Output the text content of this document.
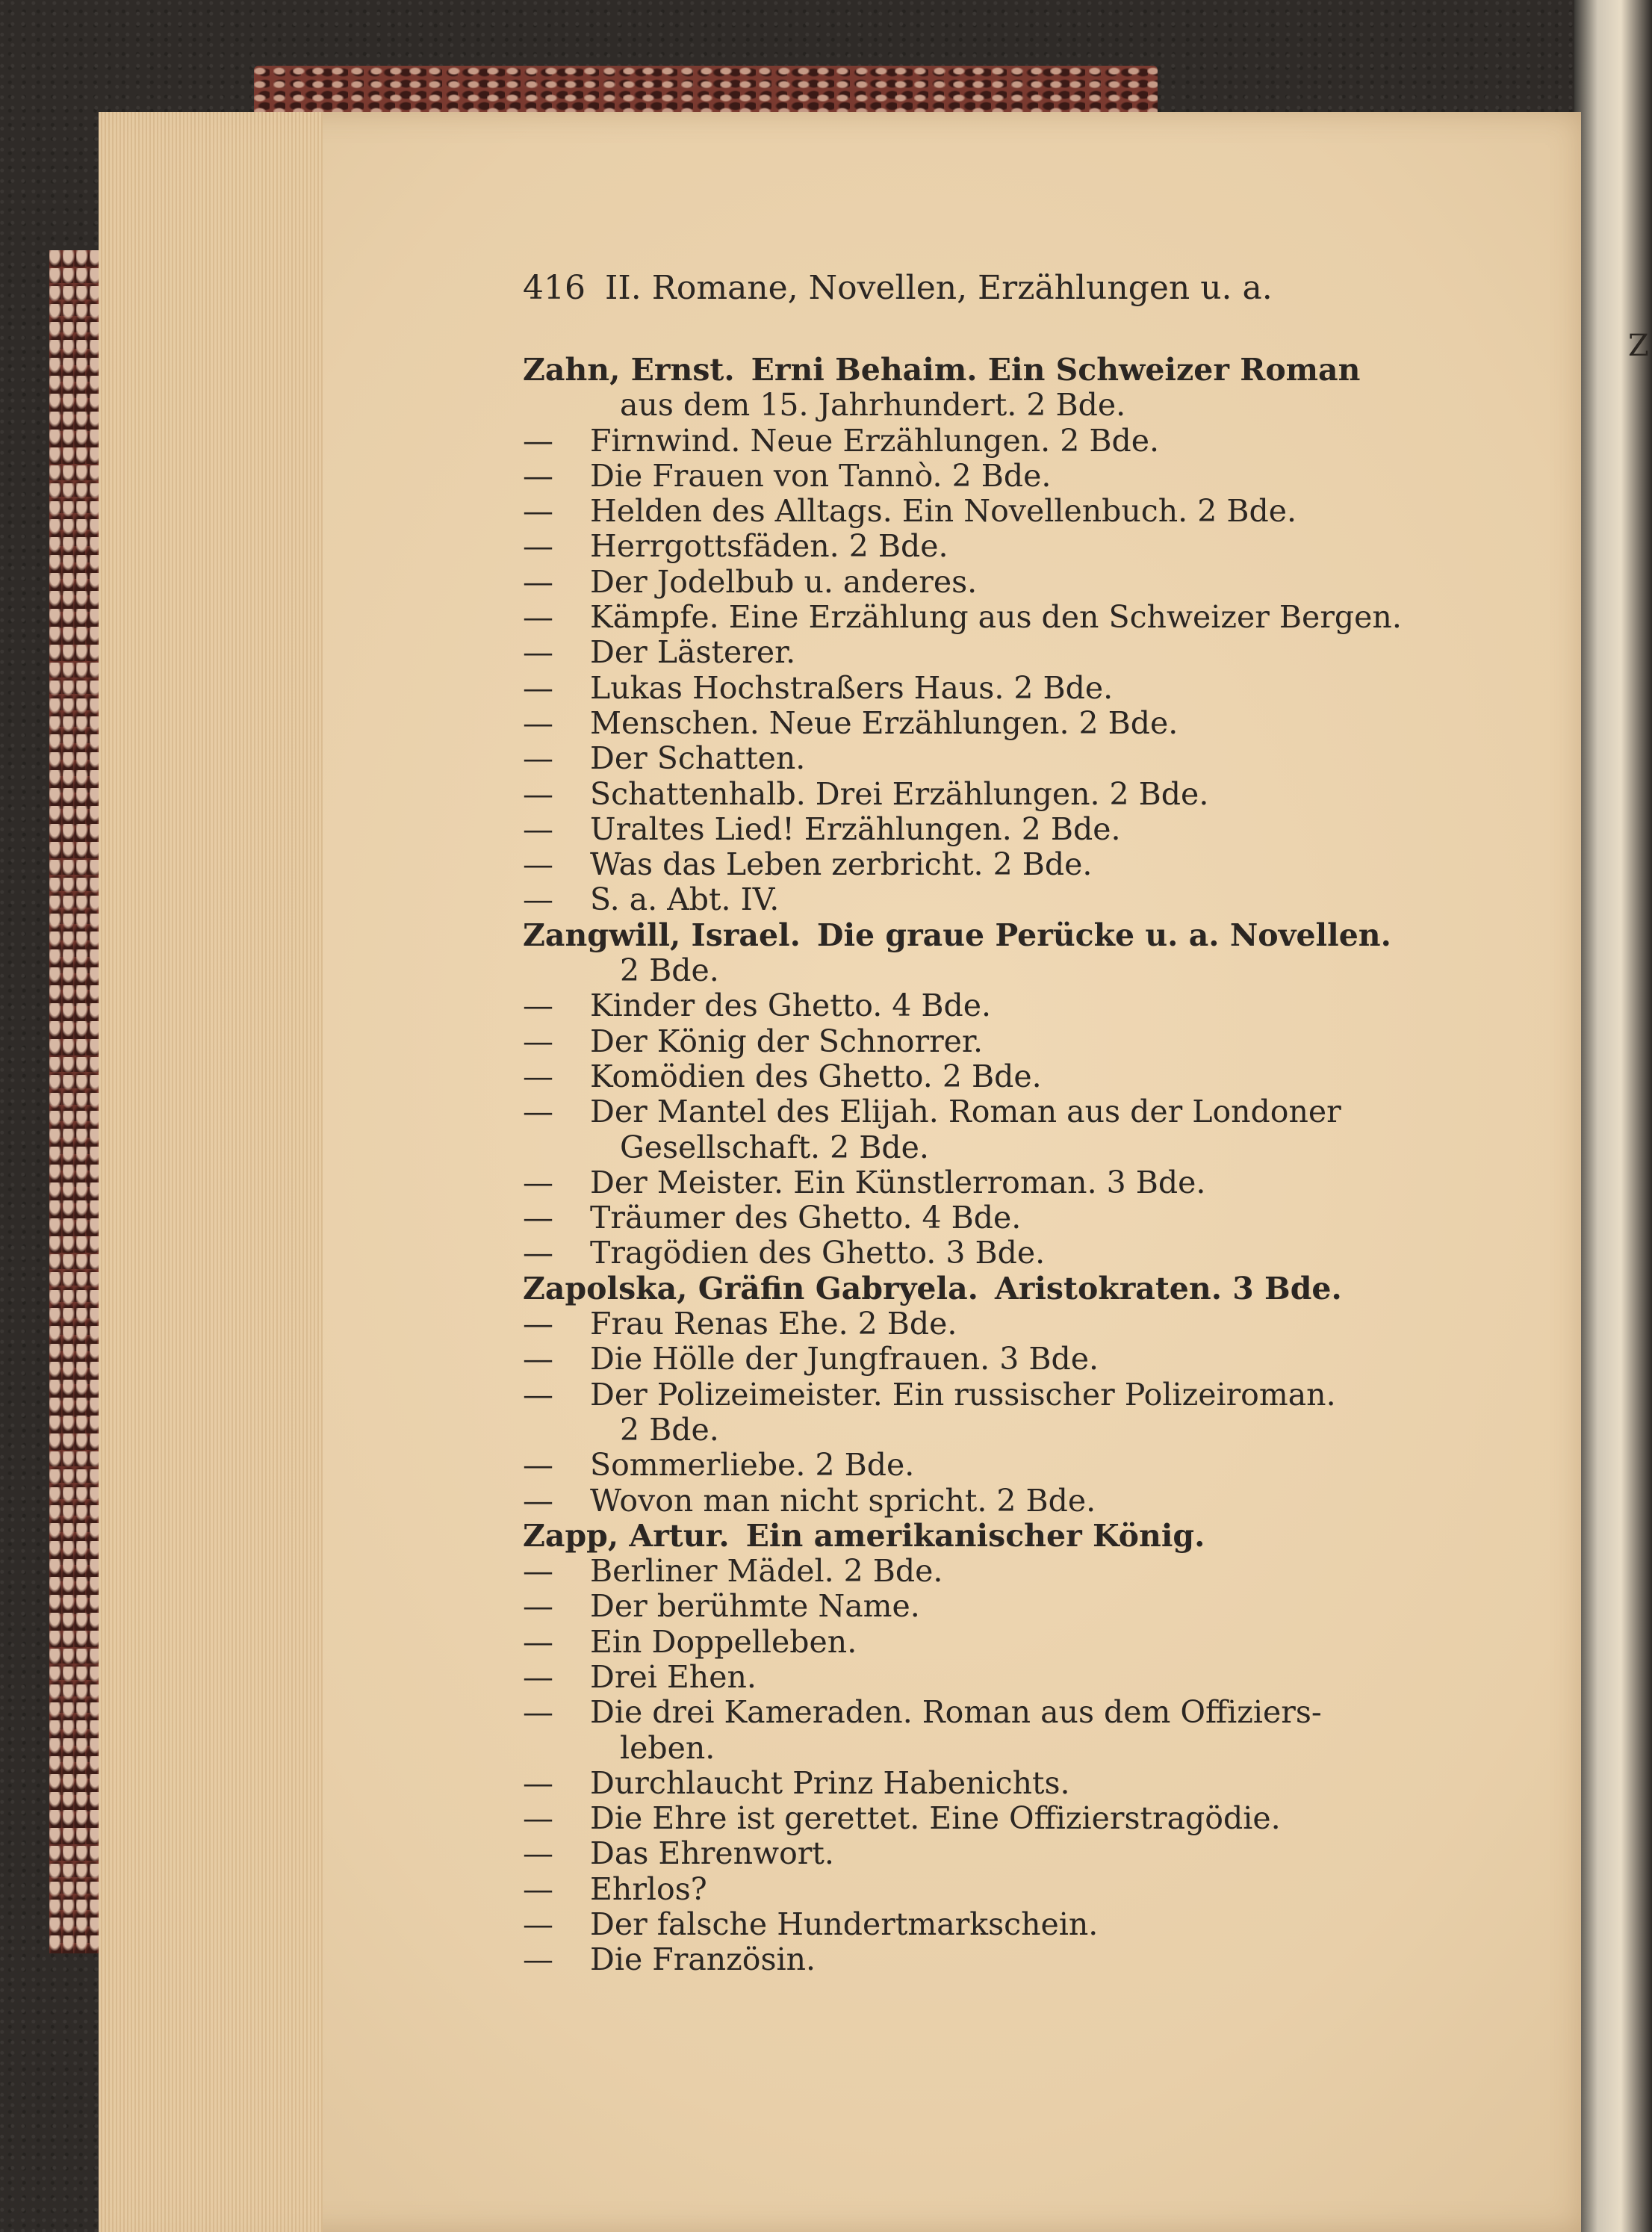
Z
416 II. Romane, Novellen, Erzählungen u. a.
Zahn, Ernst. Erni Behaim. Ein Schweizer Roman
aus dem 15. Jahrhundert. 2 Bde.
— Firnwind. Neue Erzählungen. 2 Bde.
— Die Frauen von Tannò. 2 Bde.
— Helden des Alltags. Ein Novellenbuch. 2 Bde.
— Herrgottsfäden. 2 Bde.
— Der Jodelbub u. anderes.
— Kämpfe. Eine Erzählung aus den Schweizer Bergen.
— Der Lästerer.
— Lukas Hochstraßers Haus. 2 Bde.
— Menschen. Neue Erzählungen. 2 Bde.
— Der Schatten.
— Schattenhalb. Drei Erzählungen. 2 Bde.
— Uraltes Lied! Erzählungen. 2 Bde.
— Was das Leben zerbricht. 2 Bde.
— S. a. Abt. IV.
Zangwill, Israel. Die graue Perücke u. a. Novellen.
2 Bde.
— Kinder des Ghetto. 4 Bde.
— Der König der Schnorrer.
— Komödien des Ghetto. 2 Bde.
— Der Mantel des Elijah. Roman aus der Londoner
Gesellschaft. 2 Bde.
— Der Meister. Ein Künstlerroman. 3 Bde.
— Träumer des Ghetto. 4 Bde.
— Tragödien des Ghetto. 3 Bde.
Zapolska, Gräfin Gabryela. Aristokraten. 3 Bde.
— Frau Renas Ehe. 2 Bde.
— Die Hölle der Jungfrauen. 3 Bde.
— Der Polizeimeister. Ein russischer Polizeiroman.
2 Bde.
— Sommerliebe. 2 Bde.
— Wovon man nicht spricht. 2 Bde.
Zapp, Artur. Ein amerikanischer König.
— Berliner Mädel. 2 Bde.
— Der berühmte Name.
— Ein Doppelleben.
— Drei Ehen.
— Die drei Kameraden. Roman aus dem Offiziers-
leben.
— Durchlaucht Prinz Habenichts.
— Die Ehre ist gerettet. Eine Offizierstragödie.
— Das Ehrenwort.
— Ehrlos?
— Der falsche Hundertmarkschein.
— Die Französin.
